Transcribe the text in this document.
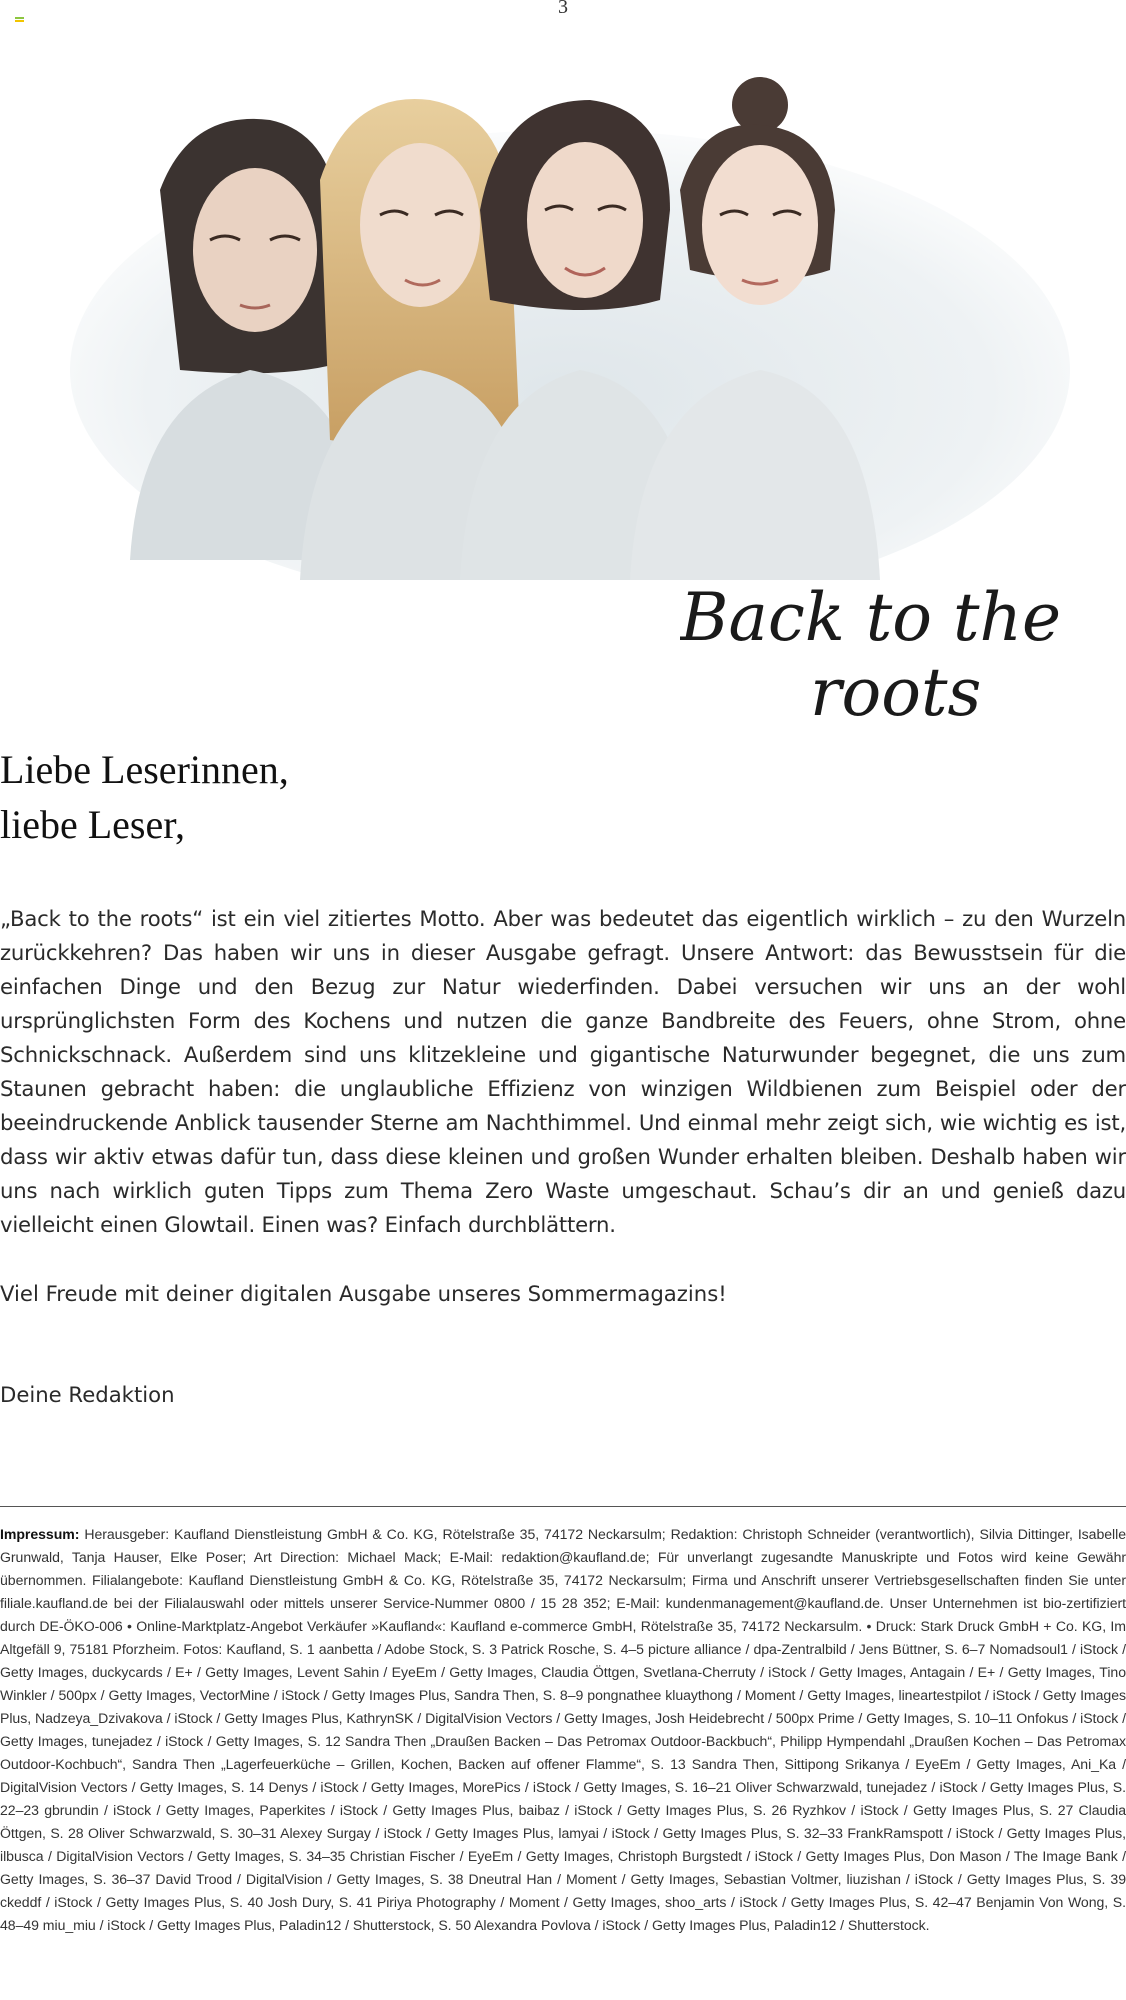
3
Back to the
roots
Liebe Leserinnen,
liebe Leser,

„Back to the roots“ ist ein viel zitiertes Motto. Aber was bedeutet das eigentlich wirklich – zu den Wurzeln zurückkehren? Das haben wir uns in dieser Ausgabe gefragt. Unsere Antwort: das Bewusstsein für die einfachen Dinge und den Bezug zur Natur wiederfinden. Dabei versuchen wir uns an der wohl ursprünglichsten Form des Kochens und nutzen die ganze Bandbreite des Feuers, ohne Strom, ohne Schnickschnack. Außerdem sind uns klitzekleine und gigantische Naturwunder begegnet, die uns zum Staunen gebracht haben: die unglaubliche Effizienz von winzigen Wildbienen zum Beispiel oder der beeindruckende Anblick tausender Sterne am Nachthimmel. Und einmal mehr zeigt sich, wie wichtig es ist, dass wir aktiv etwas dafür tun, dass diese kleinen und großen Wunder erhalten bleiben. Deshalb haben wir uns nach wirklich guten Tipps zum Thema Zero Waste umgeschaut. Schau’s dir an und genieß dazu vielleicht einen Glowtail. Einen was? Einfach durchblättern.

Viel Freude mit deiner digitalen Ausgabe unseres Sommermagazins!

Deine Redaktion

Impressum: Herausgeber: Kaufland Dienstleistung GmbH & Co. KG, Rötelstraße 35, 74172 Neckarsulm; Redaktion: Christoph Schneider (verantwortlich), Silvia Dittinger, Isabelle Grunwald, Tanja Hauser, Elke Poser; Art Direction: Michael Mack; E-Mail: redaktion@kaufland.de; Für unverlangt zugesandte Manuskripte und Fotos wird keine Gewähr übernommen. Filialangebote: Kaufland Dienstleistung GmbH & Co. KG, Rötelstraße 35, 74172 Neckarsulm; Firma und Anschrift unserer Vertriebsgesellschaften finden Sie unter filiale.kaufland.de bei der Filialauswahl oder mittels unserer Service-Nummer 0800 / 15 28 352; E-Mail: kundenmanagement@kaufland.de. Unser Unternehmen ist bio-zertifiziert durch DE-ÖKO-006 • Online-Marktplatz-Angebot Verkäufer »Kaufland«: Kaufland e-commerce GmbH, Rötelstraße 35, 74172 Neckarsulm. • Druck: Stark Druck GmbH + Co. KG, Im Altgefäll 9, 75181 Pforzheim. Fotos: Kaufland, S. 1 aanbetta / Adobe Stock, S. 3 Patrick Rosche, S. 4–5 picture alliance / dpa-Zentralbild / Jens Büttner, S. 6–7 Nomadsoul1 / iStock / Getty Images, duckycards / E+ / Getty Images, Levent Sahin / EyeEm / Getty Images, Claudia Öttgen, Svetlana-Cherruty / iStock / Getty Images, Antagain / E+ / Getty Images, Tino Winkler / 500px / Getty Images, VectorMine / iStock / Getty Images Plus, Sandra Then, S. 8–9 pongnathee kluaythong / Moment / Getty Images, lineartestpilot / iStock / Getty Images Plus, Nadzeya_Dzivakova / iStock / Getty Images Plus, KathrynSK / DigitalVision Vectors / Getty Images, Josh Heidebrecht / 500px Prime / Getty Images, S. 10–11 Onfokus / iStock / Getty Images, tunejadez / iStock / Getty Images, S. 12 Sandra Then „Draußen Backen – Das Petromax Outdoor-Backbuch“, Philipp Hympendahl „Draußen Kochen – Das Petromax Outdoor-Kochbuch“, Sandra Then „Lagerfeuerküche – Grillen, Kochen, Backen auf offener Flamme“, S. 13 Sandra Then, Sittipong Srikanya / EyeEm / Getty Images, Ani_Ka / DigitalVision Vectors / Getty Images, S. 14 Denys / iStock / Getty Images, MorePics / iStock / Getty Images, S. 16–21 Oliver Schwarzwald, tunejadez / iStock / Getty Images Plus, S. 22–23 gbrundin / iStock / Getty Images, Paperkites / iStock / Getty Images Plus, baibaz / iStock / Getty Images Plus, S. 26 Ryzhkov / iStock / Getty Images Plus, S. 27 Claudia Öttgen, S. 28 Oliver Schwarzwald, S. 30–31 Alexey Surgay / iStock / Getty Images Plus, lamyai / iStock / Getty Images Plus, S. 32–33 FrankRamspott / iStock / Getty Images Plus, ilbusca / DigitalVision Vectors / Getty Images, S. 34–35 Christian Fischer / EyeEm / Getty Images, Christoph Burgstedt / iStock / Getty Images Plus, Don Mason / The Image Bank / Getty Images, S. 36–37 David Trood / DigitalVision / Getty Images, S. 38 Dneutral Han / Moment / Getty Images, Sebastian Voltmer, liuzishan / iStock / Getty Images Plus, S. 39 ckeddf / iStock / Getty Images Plus, S. 40 Josh Dury, S. 41 Piriya Photography / Moment / Getty Images, shoo_arts / iStock / Getty Images Plus, S. 42–47 Benjamin Von Wong, S. 48–49 miu_miu / iStock / Getty Images Plus, Paladin12 / Shutterstock, S. 50 Alexandra Povlova / iStock / Getty Images Plus, Paladin12 / Shutterstock.
